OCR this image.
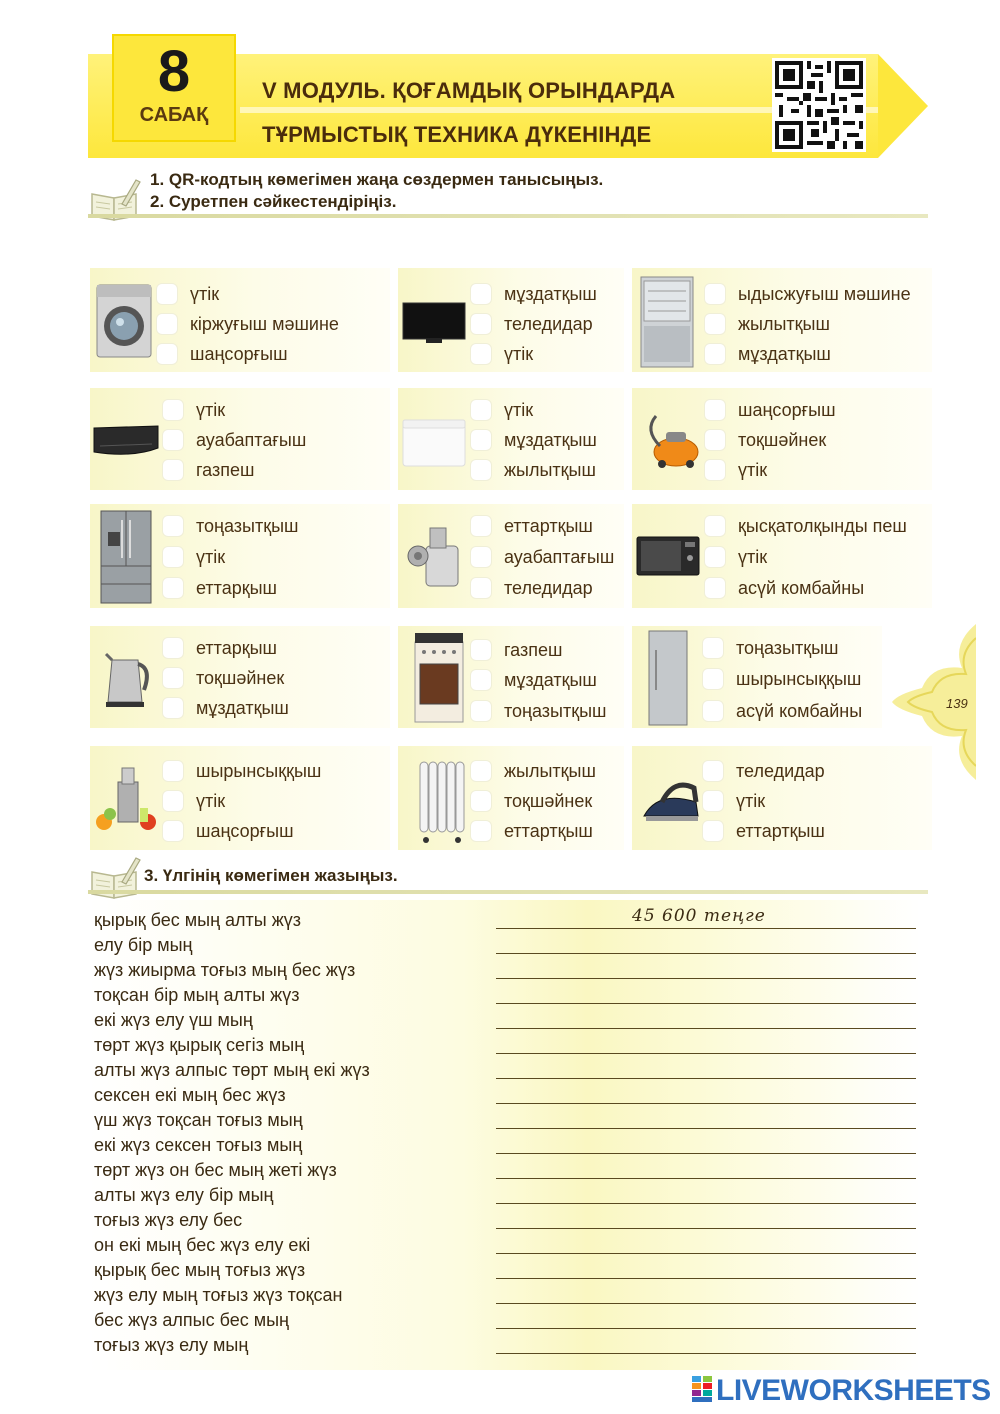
8
САБАҚ
V МОДУЛЬ. ҚОҒАМДЫҚ ОРЫНДАРДА
ТҰРМЫСТЫҚ ТЕХНИКА ДҮКЕНІНДЕ
1. QR-кодтың көмегімен жаңа сөздермен танысыңыз.
2. Суретпен сәйкестендіріңіз.
үтік
кіржуғыш мәшине
шаңсорғыш
мұздатқыш
теледидар
үтік
ыдысжуғыш мәшине
жылытқыш
мұздатқыш
үтік
ауабаптағыш
газпеш
үтік
мұздатқыш
жылытқыш
шаңсорғыш
тоқшәйнек
үтік
тоңазытқыш
үтік
еттарқыш
еттартқыш
ауабаптағыш
теледидар
қысқатолқынды пеш
үтік
асүй комбайны
еттарқыш
тоқшәйнек
мұздатқыш
газпеш
мұздатқыш
тоңазытқыш
тоңазытқыш
шырынсыққыш
асүй комбайны
шырынсыққыш
үтік
шаңсорғыш
жылытқыш
тоқшәйнек
еттартқыш
теледидар
үтік
еттартқыш
139
3. Үлгінің көмегімен жазыңыз.
45 600 теңге
қырық бес мың алты жүз
елу бір мың
жүз жиырма тоғыз мың бес жүз
тоқсан бір мың алты жүз
екі жүз елу үш мың
төрт жүз қырық сегіз мың
алты жүз алпыс төрт мың екі жүз
сексен екі мың бес жүз
үш жүз тоқсан тоғыз мың
екі жүз сексен тоғыз мың
төрт жүз он бес мың жеті жүз
алты жүз елу бір мың
тоғыз жүз елу бес
он екі мың бес жүз елу екі
қырық бес мың тоғыз жүз
жүз елу мың тоғыз жүз тоқсан
бес жүз алпыс бес мың
тоғыз жүз елу мың
LIVEWORKSHEETS
